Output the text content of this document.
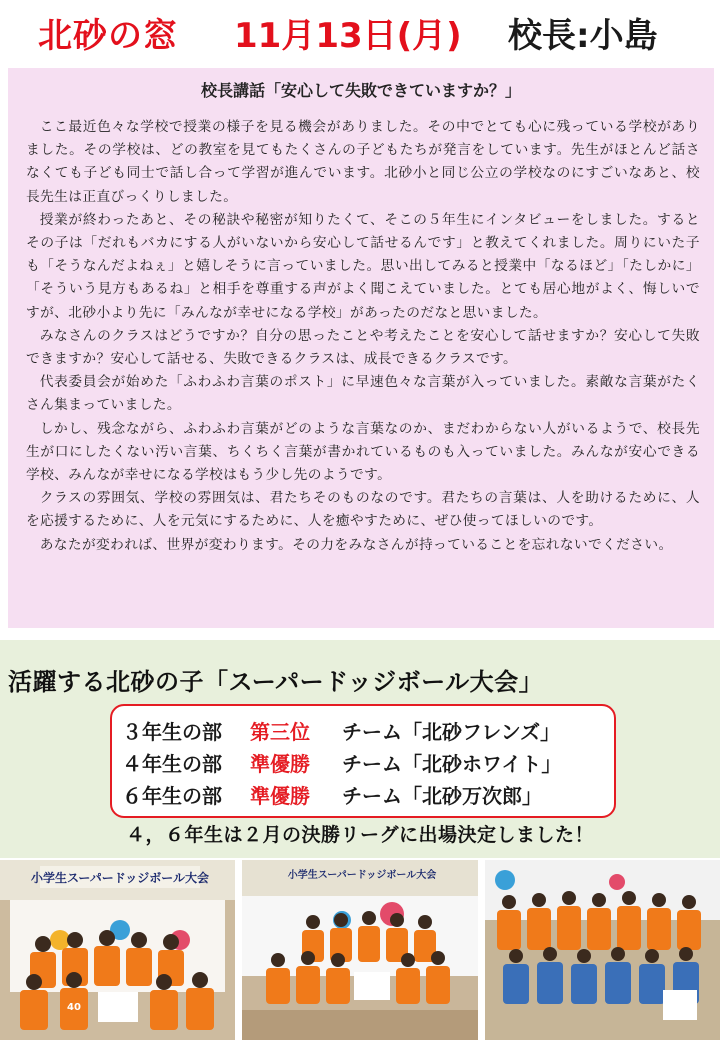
北砂の窓 11月13日(月) 校長:小島
校長講話「安心して失敗できていますか？」

ここ最近色々な学校で授業の様子を見る機会がありました。その中でとても心に残っている学校がありました。その学校は、どの教室を見てもたくさんの子どもたちが発言をしています。先生がほとんど話さなくても子ども同士で話し合って学習が進んでいます。北砂小と同じ公立の学校なのにすごいなあと、校長先生は正直びっくりしました。

授業が終わったあと、その秘訣や秘密が知りたくて、そこの５年生にインタビューをしました。するとその子は「だれもバカにする人がいないから安心して話せるんです」と教えてくれました。周りにいた子も「そうなんだよねぇ」と嬉しそうに言っていました。思い出してみると授業中「なるほど」「たしかに」「そういう見方もあるね」と相手を尊重する声がよく聞こえていました。とても居心地がよく、悔しいですが、北砂小より先に「みんなが幸せになる学校」があったのだなと思いました。

みなさんのクラスはどうですか？自分の思ったことや考えたことを安心して話せますか？安心して失敗できますか？安心して話せる、失敗できるクラスは、成長できるクラスです。

代表委員会が始めた「ふわふわ言葉のポスト」に早速色々な言葉が入っていました。素敵な言葉がたくさん集まっていました。

しかし、残念ながら、ふわふわ言葉がどのような言葉なのか、まだわからない人がいるようで、校長先生が口にしたくない汚い言葉、ちくちく言葉が書かれているものも入っていました。みんなが安心できる学校、みんなが幸せになる学校はもう少し先のようです。

クラスの雰囲気、学校の雰囲気は、君たちそのものなのです。君たちの言葉は、人を助けるために、人を応援するために、人を元気にするために、人を癒やすために、ぜひ使ってほしいのです。

あなたが変われば、世界が変わります。その力をみなさんが持っていることを忘れないでください。

活躍する北砂の子「スーパードッジボール大会」
３年生の部 第三位 チーム「北砂フレンズ」
４年生の部 準優勝 チーム「北砂ホワイト」
６年生の部 準優勝 チーム「北砂万次郎」
４，６年生は２月の決勝リーグに出場決定しました！
小学生スーパードッジボール大会
40
小学生スーパードッジボール大会
